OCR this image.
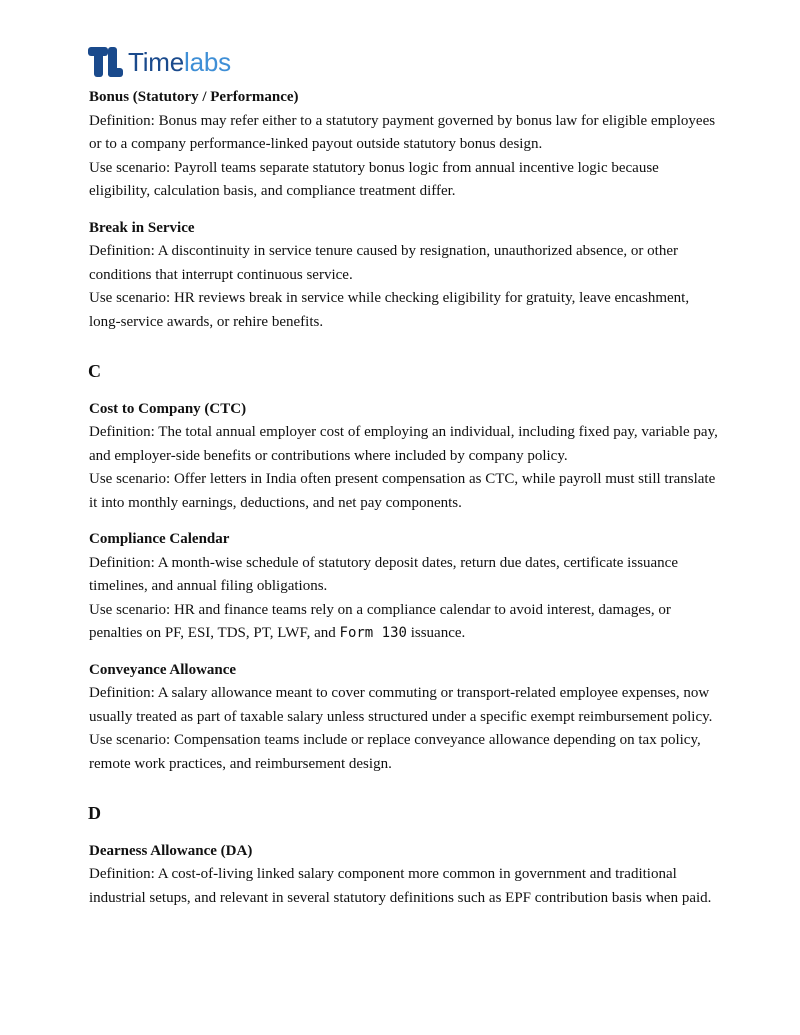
Timelabs

Bonus (Statutory / Performance)

Definition: Bonus may refer either to a statutory payment governed by bonus law for eligible employees or to a company performance-linked payout outside statutory bonus design.

Use scenario: Payroll teams separate statutory bonus logic from annual incentive logic because eligibility, calculation basis, and compliance treatment differ.

Break in Service

Definition: A discontinuity in service tenure caused by resignation, unauthorized absence, or other conditions that interrupt continuous service.

Use scenario: HR reviews break in service while checking eligibility for gratuity, leave encashment, long-service awards, or rehire benefits.

C

Cost to Company (CTC)

Definition: The total annual employer cost of employing an individual, including fixed pay, variable pay, and employer-side benefits or contributions where included by company policy.

Use scenario: Offer letters in India often present compensation as CTC, while payroll must still translate it into monthly earnings, deductions, and net pay components.

Compliance Calendar

Definition: A month-wise schedule of statutory deposit dates, return due dates, certificate issuance timelines, and annual filing obligations.

Use scenario: HR and finance teams rely on a compliance calendar to avoid interest, damages, or penalties on PF, ESI, TDS, PT, LWF, and Form 130 issuance.

Conveyance Allowance

Definition: A salary allowance meant to cover commuting or transport-related employee expenses, now usually treated as part of taxable salary unless structured under a specific exempt reimbursement policy.

Use scenario: Compensation teams include or replace conveyance allowance depending on tax policy, remote work practices, and reimbursement design.

D

Dearness Allowance (DA)

Definition: A cost-of-living linked salary component more common in government and traditional industrial setups, and relevant in several statutory definitions such as EPF contribution basis when paid.
